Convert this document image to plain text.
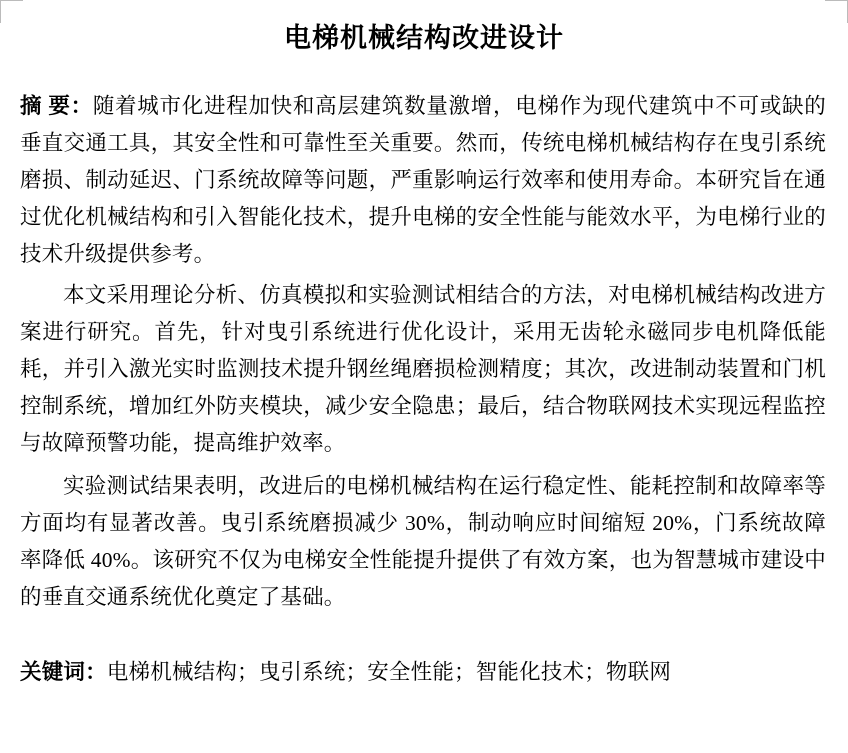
电梯机械结构改进设计

摘 要：随着城市化进程加快和高层建筑数量激增，电梯作为现代建筑中不可或缺的垂直交通工具，其安全性和可靠性至关重要。然而，传统电梯机械结构存在曳引系统磨损、制动延迟、门系统故障等问题，严重影响运行效率和使用寿命。本研究旨在通过优化机械结构和引入智能化技术，提升电梯的安全性能与能效水平，为电梯行业的技术升级提供参考。

本文采用理论分析、仿真模拟和实验测试相结合的方法，对电梯机械结构改进方案进行研究。首先，针对曳引系统进行优化设计，采用无齿轮永磁同步电机降低能耗，并引入激光实时监测技术提升钢丝绳磨损检测精度；其次，改进制动装置和门机控制系统，增加红外防夹模块，减少安全隐患；最后，结合物联网技术实现远程监控与故障预警功能，提高维护效率。

实验测试结果表明，改进后的电梯机械结构在运行稳定性、能耗控制和故障率等方面均有显著改善。曳引系统磨损减少 30%，制动响应时间缩短 20%，门系统故障率降低 40%。该研究不仅为电梯安全性能提升提供了有效方案，也为智慧城市建设中的垂直交通系统优化奠定了基础。

关键词：电梯机械结构；曳引系统；安全性能；智能化技术；物联网
